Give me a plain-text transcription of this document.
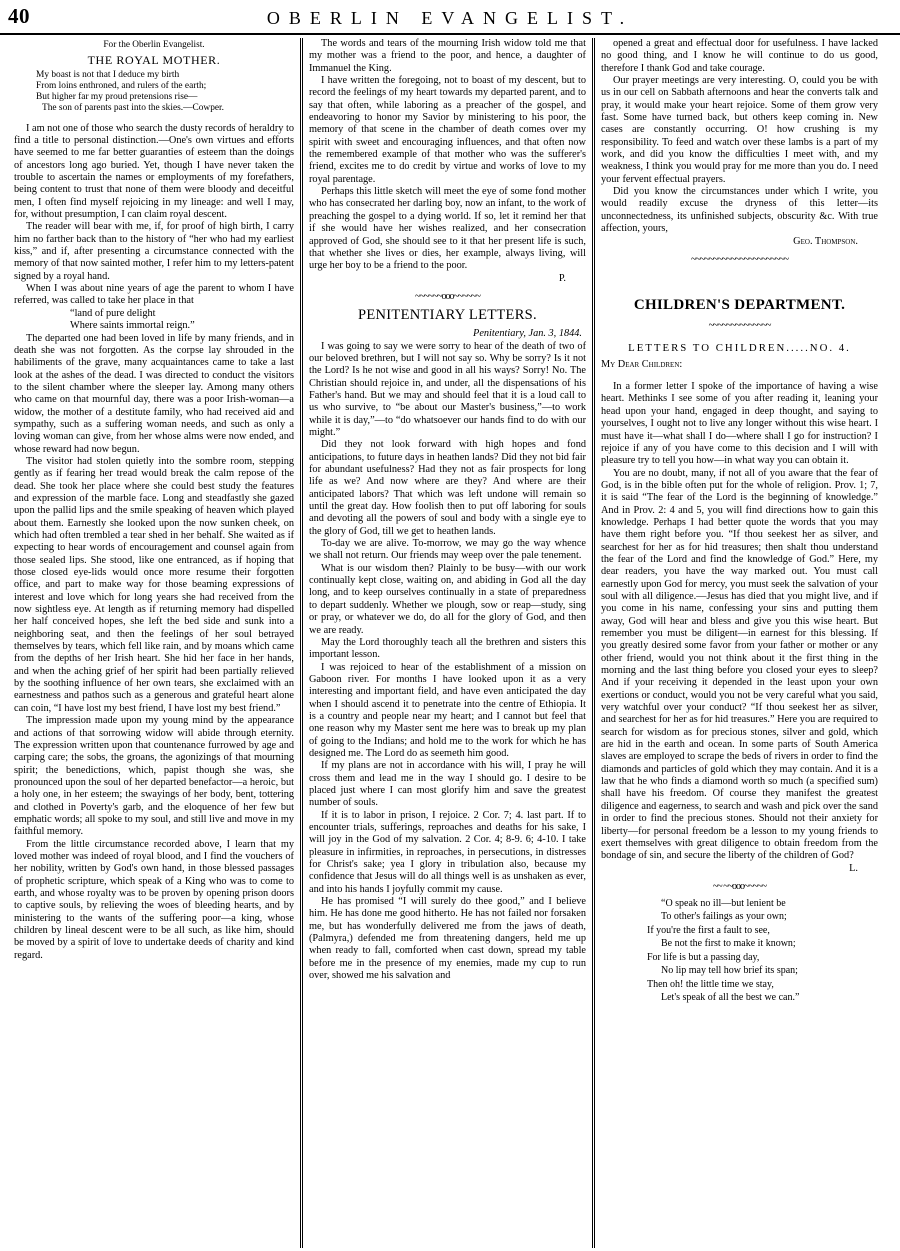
40	OBERLIN EVANGELIST.

For the Oberlin Evangelist.

THE ROYAL MOTHER.

My boast is not that I deduce my birth
From loins enthroned, and rulers of the earth;
But higher far my proud pretensions rise—
The son of parents past into the skies.—Cowper.

I am not one of those who search the dusty records of heraldry to find a title to personal distinction.—One's own virtues and efforts have seemed to me far better guaranties of esteem than the doings of ancestors long ago buried. Yet, though I have never taken the trouble to ascertain the names or employments of my forefathers, being content to trust that none of them were bloody and deceitful men, I often find myself rejoicing in my lineage: and well I may, for, without presumption, I can claim royal descent.

The reader will bear with me, if, for proof of high birth, I carry him no farther back than to the history of “her who had my earliest kiss,” and if, after presenting a circumstance connected with the memory of that now sainted mother, I refer him to my letters-patent signed by a royal hand.

When I was about nine years of age the parent to whom I have referred, was called to take her place in that

“land of pure delight
Where saints immortal reign.”

The departed one had been loved in life by many friends, and in death she was not forgotten. As the corpse lay shrouded in the habiliments of the grave, many acquaintances came to take a last look at the ashes of the dead. I was directed to conduct the visitors to the silent chamber where the sleeper lay. Among many others who came on that mournful day, there was a poor Irish-woman—a widow, the mother of a destitute family, who had received aid and sympathy, such as a suffering woman needs, and such as only a loving woman can give, from her whose alms were now ended, and whose reward had now begun.

The visitor had stolen quietly into the sombre room, stepping gently as if fearing her tread would break the calm repose of the dead. She took her place where she could best study the features and expression of the marble face. Long and steadfastly she gazed upon the pallid lips and the smile speaking of heaven which played about them. Earnestly she looked upon the now sunken cheek, on which had often trembled a tear shed in her behalf. She waited as if expecting to hear words of encouragement and counsel again from those sealed lips. She stood, like one entranced, as if hoping that those closed eye-lids would once more resume their forgotten office, and part to make way for those beaming expressions of interest and love which for long years she had received from the now sightless eye. At length as if returning memory had dispelled her half conceived hopes, she left the bed side and sunk into a neighboring seat, and then the feelings of her soul betrayed themselves by tears, which fell like rain, and by moans which came from the depths of her Irish heart. She hid her face in her hands, and when the aching grief of her spirit had been partially relieved by the soothing influence of her own tears, she exclaimed with an earnestness and pathos such as a generous and grateful heart alone can coin, “I have lost my best friend, I have lost my best friend.”

The impression made upon my young mind by the appearance and actions of that sorrowing widow will abide through eternity. The expression written upon that countenance furrowed by age and carping care; the sobs, the groans, the agonizings of that mourning spirit; the benedictions, which, papist though she was, she pronounced upon the soul of her departed benefactor—a heroic, but a holy one, in her esteem; the swayings of her body, bent, tottering and clothed in Poverty's garb, and the eloquence of her few but emphatic words; all spoke to my soul, and still live and move in my faithful memory.

From the little circumstance recorded above, I learn that my loved mother was indeed of royal blood, and I find the vouchers of her nobility, written by God's own hand, in those blessed passages of prophetic scripture, which speak of a King who was to come to earth, and whose royalty was to be proven by opening prison doors to captive souls, by relieving the woes of bleeding hearts, and by ministering to the wants of the suffering poor—a king, whose children by lineal descent were to be all such, as like him, should be moved by a spirit of love to undertake deeds of charity and kind regard.

The words and tears of the mourning Irish widow told me that my mother was a friend to the poor, and hence, a daughter of Immanuel the King.

I have written the foregoing, not to boast of my descent, but to record the feelings of my heart towards my departed parent, and to say that often, while laboring as a preacher of the gospel, and endeavoring to honor my Savior by ministering to his poor, the memory of that scene in the chamber of death comes over my spirit with sweet and encouraging influences, and that often now the remembered example of that mother who was the sufferer's friend, excites me to do credit by virtue and works of love to my royal parentage.

Perhaps this little sketch will meet the eye of some fond mother who has consecrated her darling boy, now an infant, to the work of preaching the gospel to a dying world. If so, let it remind her that if she would have her wishes realized, and her consecration approved of God, she should see to it that her present life is such, that whether she lives or dies, her example, always living, will urge her boy to be a friend to the poor.

P.

~~~~~~ooo~~~~~~

PENITENTIARY LETTERS.

Penitentiary, Jan. 3, 1844.

I was going to say we were sorry to hear of the death of two of our beloved brethren, but I will not say so. Why be sorry? Is it not the Lord? Is he not wise and good in all his ways? Sorry! No. The Christian should rejoice in, and under, all the dispensations of his Father's hand. But we may and should feel that it is a loud call to us who survive, to “be about our Master's business,”—to work while it is day,”—to “do whatsoever our hands find to do with our might.”

Did they not look forward with high hopes and fond anticipations, to future days in heathen lands? Did they not bid fair for abundant usefulness? Had they not as fair prospects for long life as we? And now where are they? And where are their anticipated labors? That which was left undone will remain so until the great day. How foolish then to put off laboring for souls and devoting all the powers of soul and body with a single eye to the glory of God, till we get to heathen lands.

To-day we are alive. To-morrow, we may go the way whence we shall not return. Our friends may weep over the pale tenement.

What is our wisdom then? Plainly to be busy—with our work continually kept close, waiting on, and abiding in God all the day long, and to keep ourselves continually in a state of preparedness to depart suddenly. Whether we plough, sow or reap—study, sing or pray, or whatever we do, do all for the glory of God, and then we are ready.

May the Lord thoroughly teach all the brethren and sisters this important lesson.

I was rejoiced to hear of the establishment of a mission on Gaboon river. For months I have looked upon it as a very interesting and important field, and have even anticipated the day when I should ascend it to penetrate into the centre of Ethiopia. It is a country and people near my heart; and I cannot but feel that one reason why my Master sent me here was to break up my plan of going to the Indians; and hold me to the work for which he has designed me. The Lord do as seemeth him good.

If my plans are not in accordance with his will, I pray he will cross them and lead me in the way I should go. I desire to be placed just where I can most glorify him and save the greatest number of souls.

If it is to labor in prison, I rejoice. 2 Cor. 7; 4. last part. If to encounter trials, sufferings, reproaches and deaths for his sake, I will joy in the God of my salvation. 2 Cor. 4; 8-9. 6; 4-10. I take pleasure in infirmities, in reproaches, in persecutions, in distresses for Christ's sake; yea I glory in tribulation also, because my confidence that Jesus will do all things well is as unshaken as ever, and into his hands I joyfully commit my cause.

He has promised “I will surely do thee good,” and I believe him. He has done me good hitherto. He has not failed nor forsaken me, but has wonderfully delivered me from the jaws of death,(Palmyra,) defended me from threatening dangers, held me up when ready to fall, comforted when cast down, spread my table before me in the presence of my enemies, made my cup to run over, showed me his salvation and

opened a great and effectual door for usefulness. I have lacked no good thing, and I know he will continue to do us good, therefore I thank God and take courage.

Our prayer meetings are very interesting. O, could you be with us in our cell on Sabbath afternoons and hear the converts talk and pray, it would make your heart rejoice. Some of them grow very fast. Some have turned back, but others keep coming in. New cases are constantly occurring. O! how crushing is my responsibility. To feed and watch over these lambs is a part of my work, and did you know the difficulties I meet with, and my weakness, I think you would pray for me more than you do. I need your fervent effectual prayers.

Did you know the circumstances under which I write, you would readily excuse the dryness of this letter—its unconnectedness, its unfinished subjects, obscurity &c. With true affection, yours,

Geo. Thompson.

~~~~~~~~~~~~~~~~~~~~~~

CHILDREN'S DEPARTMENT.

~~~~~~~~~~~~~~

LETTERS TO CHILDREN.....NO. 4.

My Dear Children:

In a former letter I spoke of the importance of having a wise heart. Methinks I see some of you after reading it, leaning your head upon your hand, engaged in deep thought, and saying to yourselves, I ought not to live any longer without this wise heart. I must have it—what shall I do—where shall I go for instruction? I rejoice if any of you have come to this decision and I will with pleasure try to tell you how—in what way you can obtain it.

You are no doubt, many, if not all of you aware that the fear of God, is in the bible often put for the whole of religion. Prov. 1; 7, it is said “The fear of the Lord is the beginning of knowledge.” And in Prov. 2: 4 and 5, you will find directions how to gain this knowledge. Perhaps I had better quote the words that you may have them right before you. “If thou seekest her as silver, and searchest for her as for hid treasures; then shalt thou understand the fear of the Lord and find the knowledge of God.” Here, my dear readers, you have the way marked out. You must call earnestly upon God for mercy, you must seek the salvation of your soul with all diligence.—Jesus has died that you might live, and if you come in his name, confessing your sins and putting them away, God will hear and bless and give you this wise heart. But remember you must be diligent—in earnest for this blessing. If you greatly desired some favor from your father or mother or any other friend, would you not think about it the first thing in the morning and the last thing before you closed your eyes to sleep? And if your receiving it depended in the least upon your own exertions or conduct, would you not be very careful what you said, very watchful over your conduct? “If thou seekest her as silver, and searchest for her as for hid treasures.” Here you are required to search for wisdom as for precious stones, silver and gold, which are hid in the earth and ocean. In some parts of South America slaves are employed to scrape the beds of rivers in order to find the diamonds and particles of gold which they may contain. And it is a law that he who finds a diamond worth so much (a specified sum) shall have his freedom. Of course they manifest the greatest diligence and eagerness, to search and wash and pick over the sand in order to find the precious stones. Should not their anxiety for liberty—for personal freedom be a lesson to my young friends to exert themselves with great diligence to obtain freedom from the bondage of sin, and secure the liberty of the children of God?

L.

~~ ~~ooo~~~~~

“O speak no ill—but lenient be
To other's failings as your own;
If you're the first a fault to see,
Be not the first to make it known;
For life is but a passing day,
No lip may tell how brief its span;
Then oh! the little time we stay,
Let's speak of all the best we can.”
